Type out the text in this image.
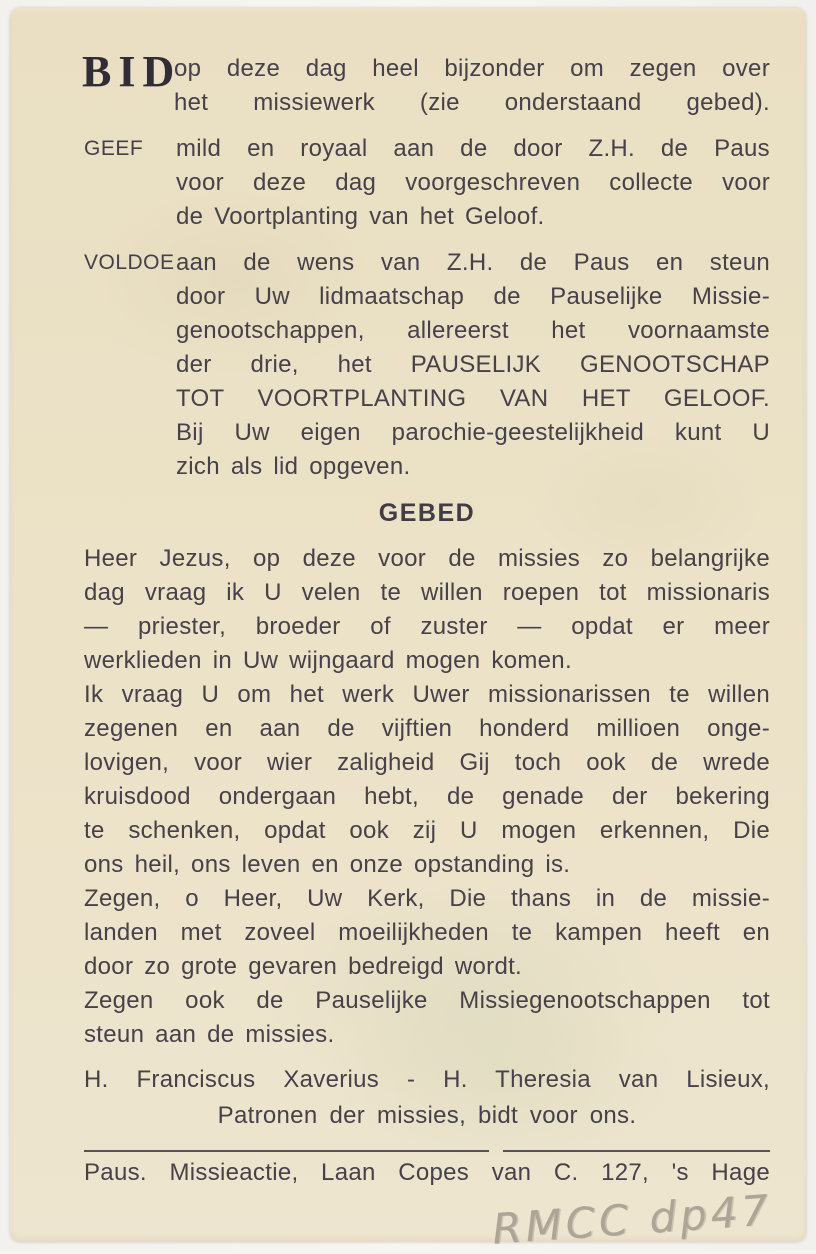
BID
op deze dag heel bijzonder om zegen over
het missiewerk (zie onderstaand gebed).
GEEF	mild en royaal aan de door Z.H. de Paus
voor deze dag voorgeschreven collecte voor
de Voortplanting van het Geloof.
VOLDOE aan de wens van Z.H. de Paus en steun
door Uw lidmaatschap de Pauselijke Missie-
genootschappen, allereerst het voornaamste
der drie, het PAUSELIJK GENOOTSCHAP
TOT VOORTPLANTING VAN HET GELOOF.
Bij Uw eigen parochie-geestelijkheid kunt U
zich als lid opgeven.
GEBED
Heer Jezus, op deze voor de missies zo belangrijke
dag vraag ik U velen te willen roepen tot missionaris
— priester, broeder of zuster — opdat er meer
werklieden in Uw wijngaard mogen komen.
Ik vraag U om het werk Uwer missionarissen te willen
zegenen en aan de vijftien honderd millioen onge-
lovigen, voor wier zaligheid Gij toch ook de wrede
kruisdood ondergaan hebt, de genade der bekering
te schenken, opdat ook zij U mogen erkennen, Die
ons heil, ons leven en onze opstanding is.
Zegen, o Heer, Uw Kerk, Die thans in de missie-
landen met zoveel moeilijkheden te kampen heeft en
door zo grote gevaren bedreigd wordt.
Zegen ook de Pauselijke Missiegenootschappen tot
steun aan de missies.
H. Franciscus Xaverius - H. Theresia van Lisieux,
Patronen der missies, bidt voor ons.
Paus. Missieactie, Laan Copes van C. 127, 's Hage
RMCC dp47
